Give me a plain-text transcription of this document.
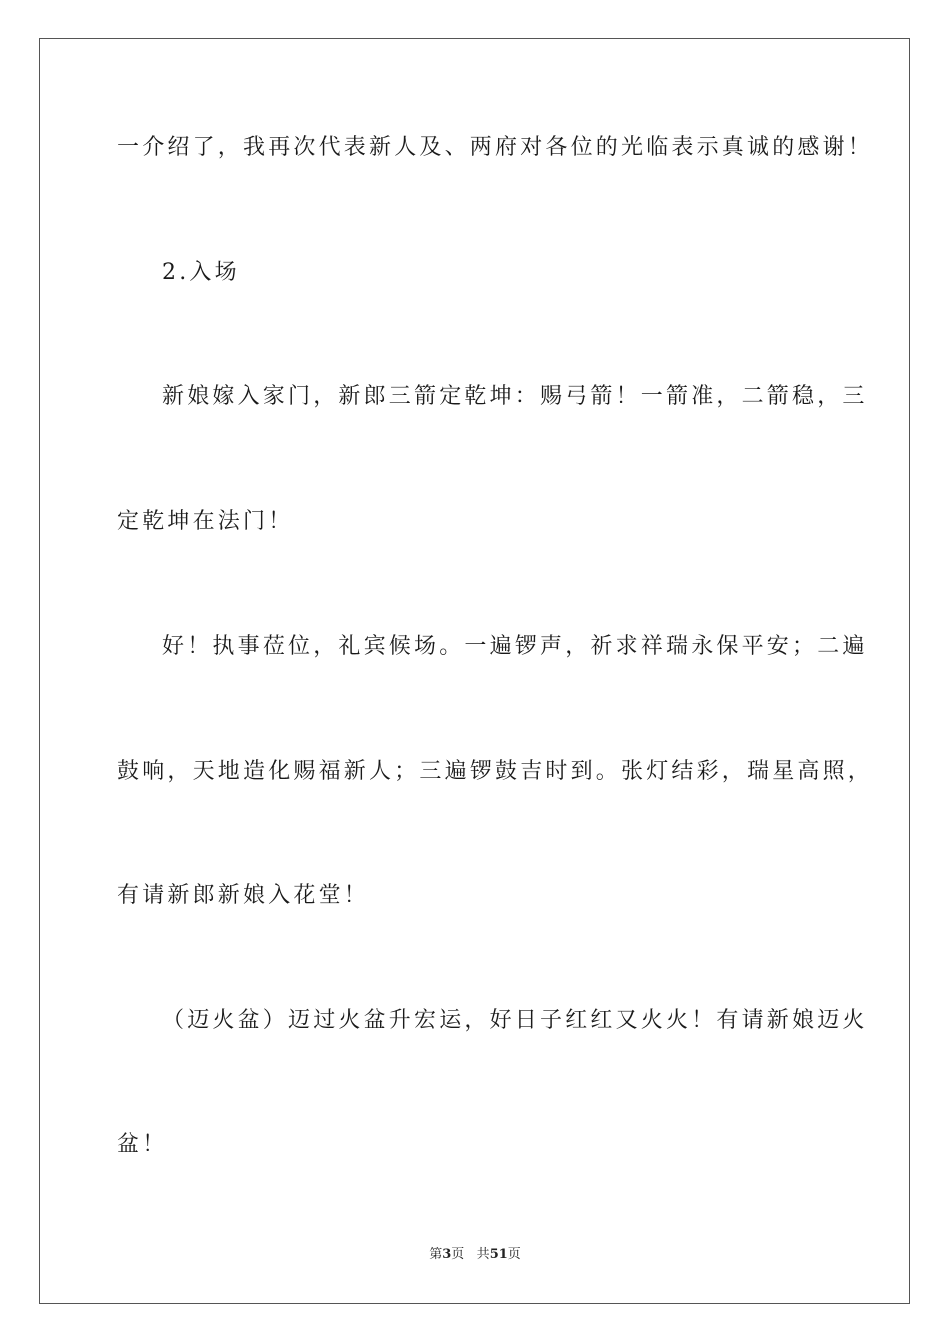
一介绍了，我再次代表新人及、两府对各位的光临表示真诚的感谢！
2.入场
新娘嫁入家门，新郎三箭定乾坤：赐弓箭！一箭准，二箭稳，三
定乾坤在法门！
好！执事莅位，礼宾候场。一遍锣声，祈求祥瑞永保平安；二遍
鼓响，天地造化赐福新人；三遍锣鼓吉时到。张灯结彩，瑞星高照，
有请新郎新娘入花堂！
（迈火盆）迈过火盆升宏运，好日子红红又火火！有请新娘迈火
盆！
第3页 共51页
